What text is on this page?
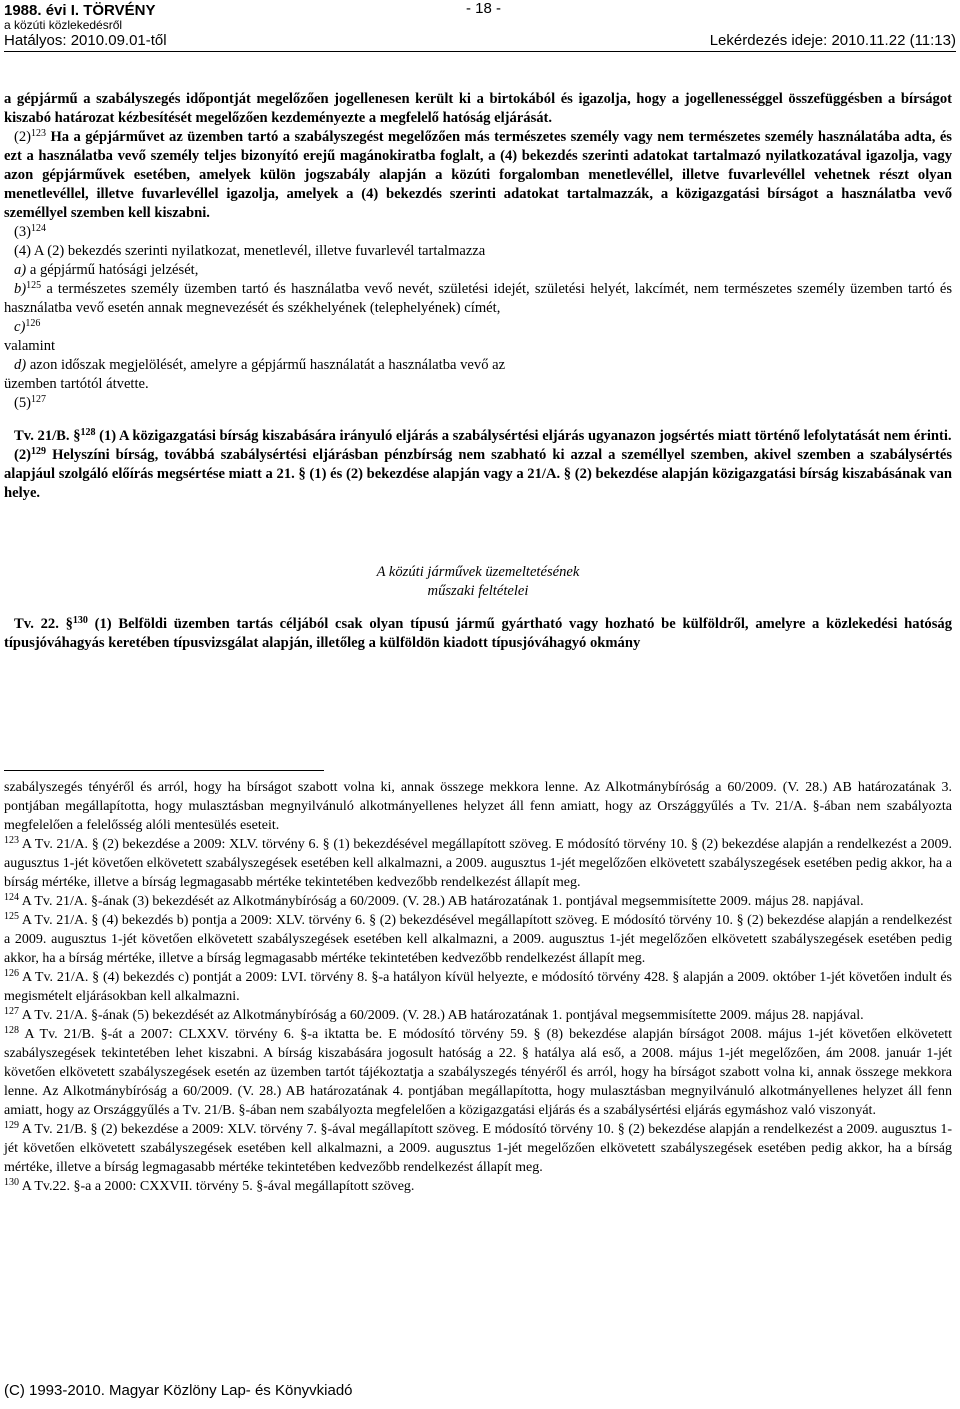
1988. évi I. TÖRVÉNY
a közúti közlekedésről
Hatályos: 2010.09.01-től
- 18 -
Lekérdezés ideje: 2010.11.22 (11:13)

a gépjármű a szabályszegés időpontját megelőzően jogellenesen került ki a birtokából és igazolja, hogy a jogellenességgel összefüggésben a bírságot kiszabó határozat kézbesítését megelőzően kezdeményezte a megfelelő hatóság eljárását.

$(2)^{123}$ Ha a gépjárművet az üzemben tartó a szabályszegést megelőzően más természetes személy vagy nem természetes személy használatába adta, és ezt a használatba vevő személy teljes bizonyító erejű magánokiratba foglalt, a (4) bekezdés szerinti adatokat tartalmazó nyilatkozatával igazolja, vagy azon gépjárművek esetében, amelyek külön jogszabály alapján a közúti forgalomban menetlevéllel, illetve fuvarlevéllel vehetnek részt olyan menetlevéllel, illetve fuvarlevéllel igazolja, amelyek a (4) bekezdés szerinti adatokat tartalmazzák, a közigazgatási bírságot a használatba vevő személlyel szemben kell kiszabni.

$(3)^{124}$

(4) A (2) bekezdés szerinti nyilatkozat, menetlevél, illetve fuvarlevél tartalmazza

a) a gépjármű hatósági jelzését,

b)$^{125}$ a természetes személy üzemben tartó és használatba vevő nevét, születési idejét, születési helyét, lakcímét, nem természetes személy üzemben tartó és használatba vevő esetén annak megnevezését és székhelyének (telephelyének) címét,

c)$^{126}$

valamint

d) azon időszak megjelölését, amelyre a gépjármű használatát a használatba vevő az

üzemben tartótól átvette.

$(5)^{127}$

Tv. 21/B. §$^{128}$ (1) A közigazgatási bírság kiszabására irányuló eljárás a szabálysértési eljárás ugyanazon jogsértés miatt történő lefolytatását nem érinti.

$(2)^{129}$ Helyszíni bírság, továbbá szabálysértési eljárásban pénzbírság nem szabható ki azzal a személlyel szemben, akivel szemben a szabálysértés alapjául szolgáló előírás megsértése miatt a 21. § (1) és (2) bekezdése alapján vagy a 21/A. § (2) bekezdése alapján közigazgatási bírság kiszabásának van helye.

A közúti járművek üzemeltetésének

műszaki feltételei

Tv. 22. §$^{130}$ (1) Belföldi üzemben tartás céljából csak olyan típusú jármű gyártható vagy hozható be külföldről, amelyre a közlekedési hatóság típusjóváhagyás keretében típusvizsgálat alapján, illetőleg a külföldön kiadott típusjóváhagyó okmány

szabályszegés tényéről és arról, hogy ha bírságot szabott volna ki, annak összege mekkora lenne. Az Alkotmánybíróság a 60/2009. (V. 28.) AB határozatának 3. pontjában megállapította, hogy mulasztásban megnyilvánuló alkotmányellenes helyzet áll fenn amiatt, hogy az Országgyűlés a Tv. 21/A. §-ában nem szabályozta megfelelően a felelősség alóli mentesülés eseteit.

$^{123}$ A Tv. 21/A. § (2) bekezdése a 2009: XLV. törvény 6. § (1) bekezdésével megállapított szöveg. E módosító törvény 10. § (2) bekezdése alapján a rendelkezést a 2009. augusztus 1-jét követően elkövetett szabályszegések esetében kell alkalmazni, a 2009. augusztus 1-jét megelőzően elkövetett szabályszegések esetében pedig akkor, ha a bírság mértéke, illetve a bírság legmagasabb mértéke tekintetében kedvezőbb rendelkezést állapít meg.

$^{124}$ A Tv. 21/A. §-ának (3) bekezdését az Alkotmánybíróság a 60/2009. (V. 28.) AB határozatának 1. pontjával megsemmisítette 2009. május 28. napjával.

$^{125}$ A Tv. 21/A. § (4) bekezdés b) pontja a 2009: XLV. törvény 6. § (2) bekezdésével megállapított szöveg. E módosító törvény 10. § (2) bekezdése alapján a rendelkezést a 2009. augusztus 1-jét követően elkövetett szabályszegések esetében kell alkalmazni, a 2009. augusztus 1-jét megelőzően elkövetett szabályszegések esetében pedig akkor, ha a bírság mértéke, illetve a bírság legmagasabb mértéke tekintetében kedvezőbb rendelkezést állapít meg.

$^{126}$ A Tv. 21/A. § (4) bekezdés c) pontját a 2009: LVI. törvény 8. §-a hatályon kívül helyezte, e módosító törvény 428. § alapján a 2009. október 1-jét követően indult és megismételt eljárásokban kell alkalmazni.

$^{127}$ A Tv. 21/A. §-ának (5) bekezdését az Alkotmánybíróság a 60/2009. (V. 28.) AB határozatának 1. pontjával megsemmisítette 2009. május 28. napjával.

$^{128}$ A Tv. 21/B. §-át a 2007: CLXXV. törvény 6. §-a iktatta be. E módosító törvény 59. § (8) bekezdése alapján bírságot 2008. május 1-jét követően elkövetett szabályszegések tekintetében lehet kiszabni. A bírság kiszabására jogosult hatóság a 22. § hatálya alá eső, a 2008. május 1-jét megelőzően, ám 2008. január 1-jét követően elkövetett szabályszegések esetén az üzemben tartót tájékoztatja a szabályszegés tényéről és arról, hogy ha bírságot szabott volna ki, annak összege mekkora lenne. Az Alkotmánybíróság a 60/2009. (V. 28.) AB határozatának 4. pontjában megállapította, hogy mulasztásban megnyilvánuló alkotmányellenes helyzet áll fenn amiatt, hogy az Országgyűlés a Tv. 21/B. §-ában nem szabályozta megfelelően a közigazgatási eljárás és a szabálysértési eljárás egymáshoz való viszonyát.

$^{129}$ A Tv. 21/B. § (2) bekezdése a 2009: XLV. törvény 7. §-ával megállapított szöveg. E módosító törvény 10. § (2) bekezdése alapján a rendelkezést a 2009. augusztus 1-jét követően elkövetett szabályszegések esetében kell alkalmazni, a 2009. augusztus 1-jét megelőzően elkövetett szabályszegések esetében pedig akkor, ha a bírság mértéke, illetve a bírság legmagasabb mértéke tekintetében kedvezőbb rendelkezést állapít meg.

$^{130}$ A Tv.22. §-a a 2000: CXXVII. törvény 5. §-ával megállapított szöveg.

(C) 1993-2010. Magyar Közlöny Lap- és Könyvkiadó
